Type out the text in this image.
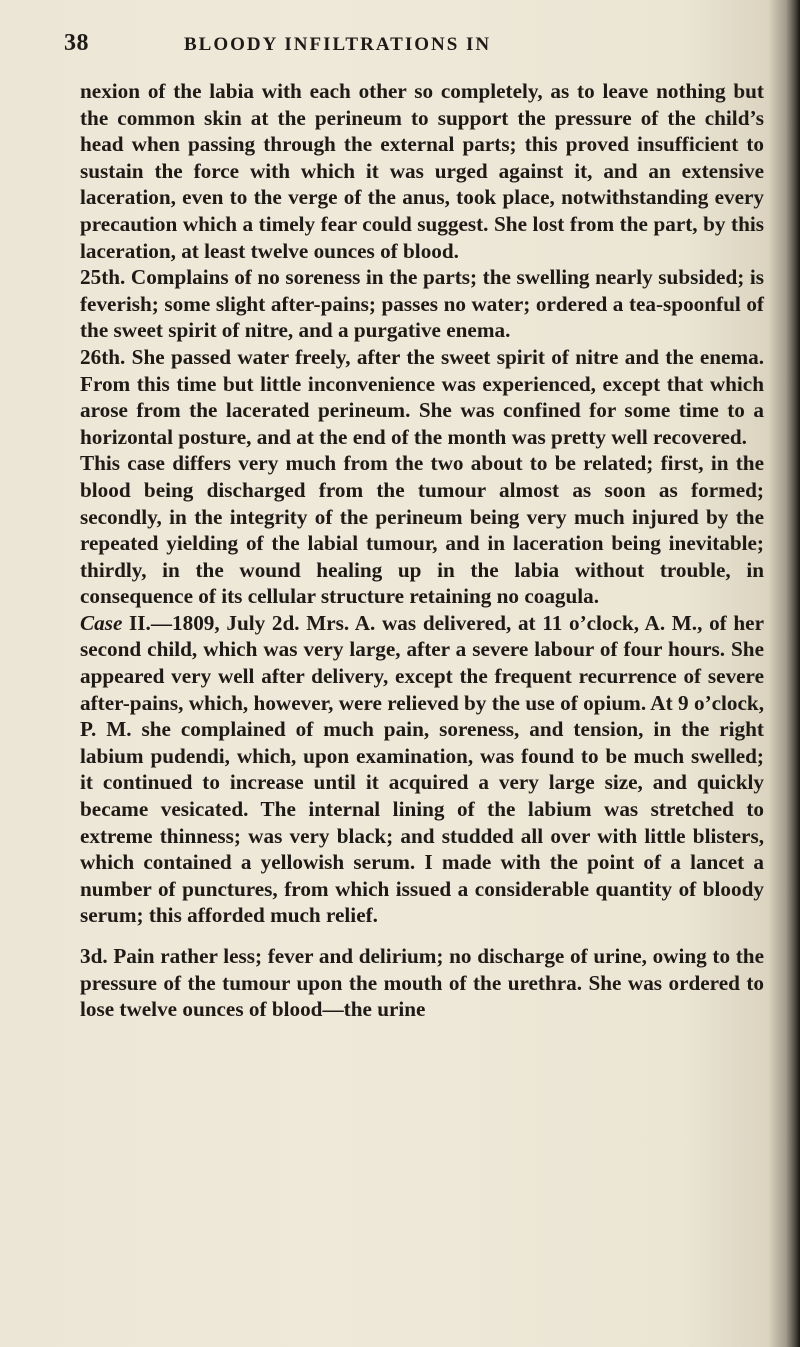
38	BLOODY INFILTRATIONS IN

nexion of the labia with each other so completely, as to leave nothing but the common skin at the perineum to support the pressure of the child’s head when passing through the external parts; this proved insufficient to sustain the force with which it was urged against it, and an extensive laceration, even to the verge of the anus, took place, notwithstanding every precaution which a timely fear could suggest. She lost from the part, by this laceration, at least twelve ounces of blood.

25th. Complains of no soreness in the parts; the swelling nearly subsided; is feverish; some slight after-pains; passes no water; ordered a tea-spoonful of the sweet spirit of nitre, and a purgative enema.

26th. She passed water freely, after the sweet spirit of nitre and the enema. From this time but little inconvenience was experienced, except that which arose from the lacerated perineum. She was confined for some time to a horizontal posture, and at the end of the month was pretty well recovered.

This case differs very much from the two about to be related; first, in the blood being discharged from the tumour almost as soon as formed; secondly, in the integrity of the perineum being very much injured by the repeated yielding of the labial tumour, and in laceration being inevitable; thirdly, in the wound healing up in the labia without trouble, in consequence of its cellular structure retaining no coagula.

Case II.—1809, July 2d. Mrs. A. was delivered, at 11 o’clock, A. M., of her second child, which was very large, after a severe labour of four hours. She appeared very well after delivery, except the frequent recurrence of severe after-pains, which, however, were relieved by the use of opium. At 9 o’clock, P. M. she complained of much pain, soreness, and tension, in the right labium pudendi, which, upon examination, was found to be much swelled; it continued to increase until it acquired a very large size, and quickly became vesicated. The internal lining of the labium was stretched to extreme thinness; was very black; and studded all over with little blisters, which contained a yellowish serum. I made with the point of a lancet a number of punctures, from which issued a considerable quantity of bloody serum; this afforded much relief.

3d. Pain rather less; fever and delirium; no discharge of urine, owing to the pressure of the tumour upon the mouth of the urethra. She was ordered to lose twelve ounces of blood—the urine
